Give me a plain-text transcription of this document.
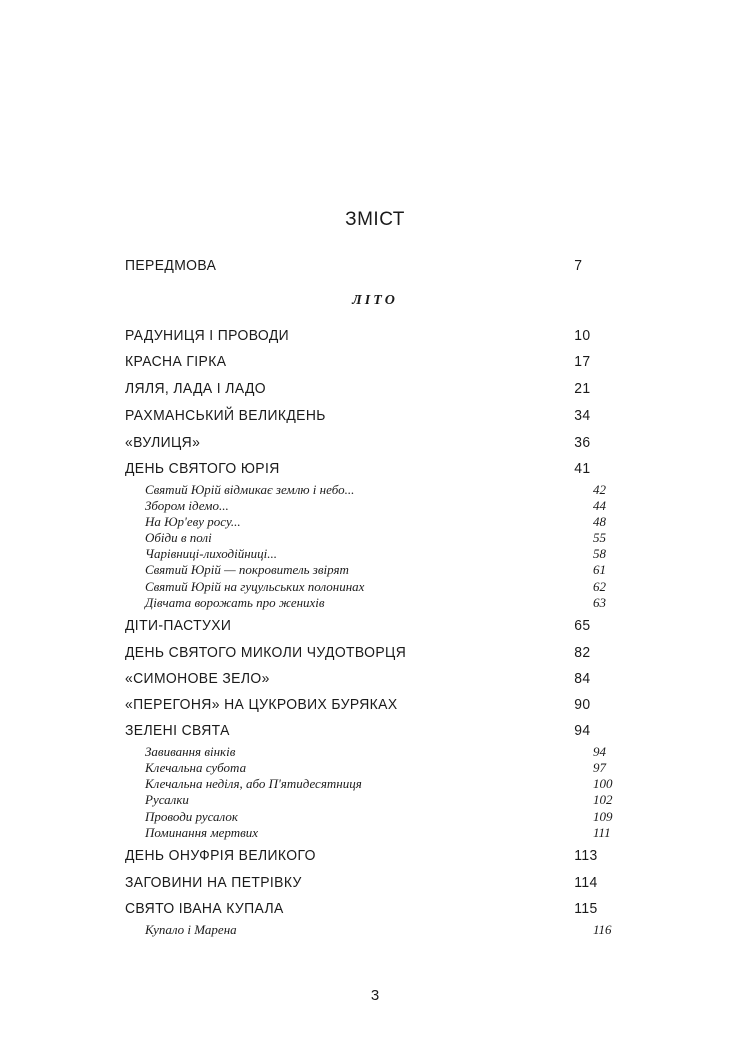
ЗМІСТ
ЛІТО
ПЕРЕДМОВА	7
РАДУНИЦЯ І ПРОВОДИ	10
КРАСНА ГІРКА	17
ЛЯЛЯ, ЛАДА І ЛАДО	21
РАХМАНСЬКИЙ ВЕЛИКДЕНЬ	34
«ВУЛИЦЯ»	36
ДЕНЬ СВЯТОГО ЮРІЯ	41
Святий Юрій відмикає землю і небо...	42
Збором ідемо...	44
На Юр'еву росу...	48
Обіди в полі	55
Чарівниці-лиходійниці...	58
Святий Юрій — покровитель звірят	61
Святий Юрій на гуцульських полонинах	62
Дівчата ворожать про женихів	63
ДІТИ-ПАСТУХИ	65
ДЕНЬ СВЯТОГО МИКОЛИ ЧУДОТВОРЦЯ	82
«СИМОНОВЕ ЗЕЛО»	84
«ПЕРЕГОНЯ» НА ЦУКРОВИХ БУРЯКАХ	90
ЗЕЛЕНІ СВЯТА	94
Завивання вінків	94
Клечальна субота	97
Клечальна неділя, або П'ятидесятниця	100
Русалки	102
Проводи русалок	109
Поминання мертвих	111
ДЕНЬ ОНУФРІЯ ВЕЛИКОГО	113
ЗАГОВИНИ НА ПЕТРІВКУ	114
СВЯТО ІВАНА КУПАЛА	115
Купало і Марена	116
3
